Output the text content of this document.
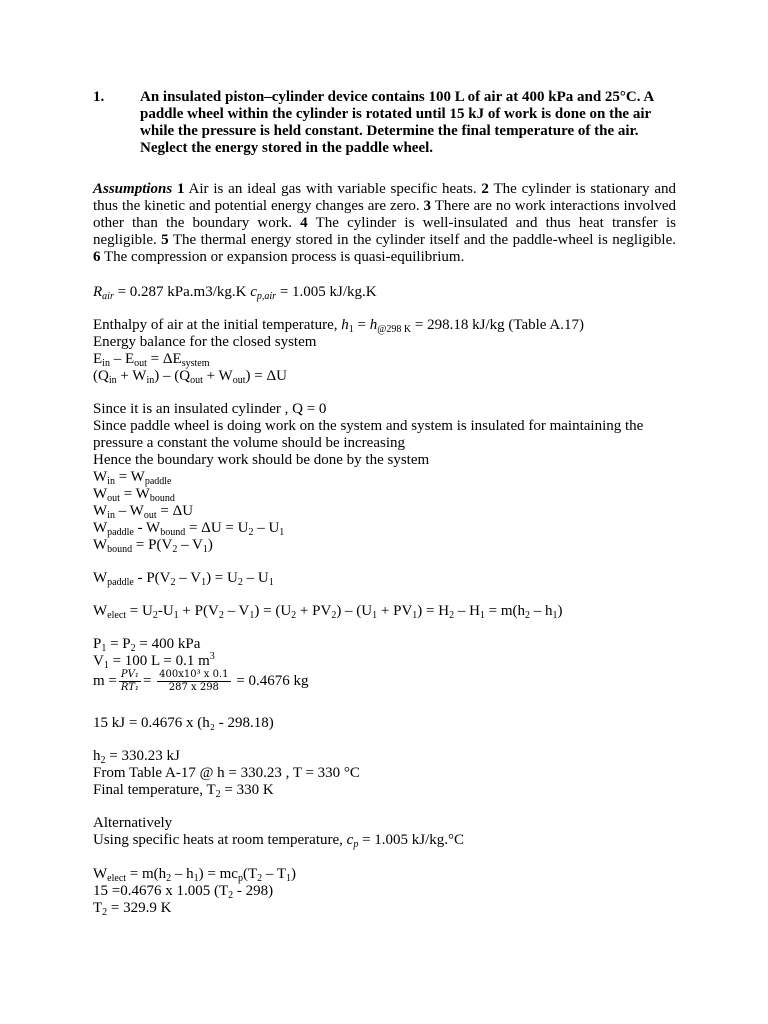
1. An insulated piston–cylinder device contains 100 L of air at 400 kPa and 25°C. A paddle wheel within the cylinder is rotated until 15 kJ of work is done on the air while the pressure is held constant. Determine the final temperature of the air. Neglect the energy stored in the paddle wheel.
Assumptions 1 Air is an ideal gas with variable specific heats. 2 The cylinder is stationary and thus the kinetic and potential energy changes are zero. 3 There are no work interactions involved other than the boundary work. 4 The cylinder is well-insulated and thus heat transfer is negligible. 5 The thermal energy stored in the cylinder itself and the paddle-wheel is negligible. 6 The compression or expansion process is quasi-equilibrium.
$R_{air} = 0.287$ kPa.m3/kg.K $c_{p,air} = 1.005$ kJ/kg.K
Enthalpy of air at the initial temperature, $h_1 = h_{@298 K} = 298.18$ kJ/kg (Table A.17)
Energy balance for the closed system
$E_{in} - E_{out} = \Delta E_{system}$
$(Q_{in} + W_{in}) - (Q_{out} + W_{out}) = \Delta U$
Since it is an insulated cylinder , Q = 0
Since paddle wheel is doing work on the system and system is insulated for maintaining the
pressure a constant the volume should be increasing
Hence the boundary work should be done by the system
$W_{in} = W_{paddle}$
$W_{out} = W_{bound}$
$W_{in} - W_{out} = \Delta U$
$W_{paddle} - W_{bound} = \Delta U = U_2 - U_1$
$W_{bound} = P(V_2 - V_1)$
$W_{paddle} - P(V_2 - V_1) = U_2 - U_1$
$W_{elect} = U_2-U_1 + P(V_2 - V_1) = (U_2 + PV_2) - (U_1 + PV_1) = H_2 - H_1 = m(h_2 - h_1)$
$P_1 = P_2 = 400$ kPa
$V_1 = 100$ L = 0.1 $m^3$
$m = \frac{\text{PV₁}}{\text{RT₁}} = \frac{\text{400x10³ x 0.1}}{287 x 298} = 0.4676$ kg
15 kJ = 0.4676 x (h₂ - 298.18)
$h_2 = 330.23$ kJ
From Table A-17 @ h = 330.23 , T = 330 °C
Final temperature, $T_2 = 330$ K
Alternatively
Using specific heats at room temperature, $c_p = 1.005$ kJ/kg.°C
$W_{elect} = m(h_2 - h_1) = mc_p(T_2 - T_1)$
15 =0.4676 x 1.005 $(T_2 - 298)$
$T_2 = 329.9$ K
